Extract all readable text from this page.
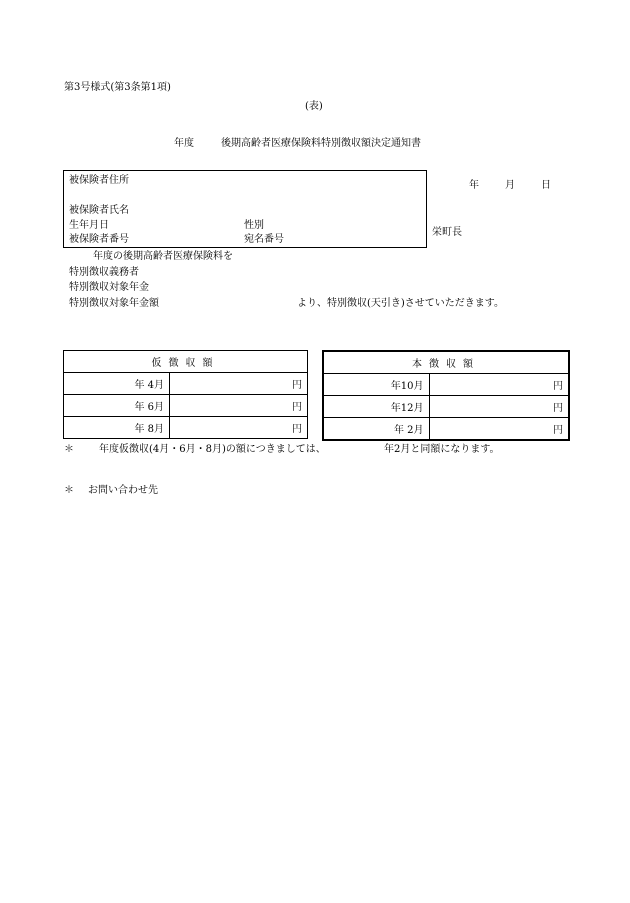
第3号様式(第3条第1項)
(表)
年度	後期高齢者医療保険料特別徴収額決定通知書
被保険者住所
被保険者氏名
生年月日	性別
被保険者番号	宛名番号
年	月	日
栄町長
年度の後期高齢者医療保険料を
特別徴収義務者
特別徴収対象年金
特別徴収対象年金額	より、特別徴収(天引き)させていただきます。
仮徴収額	
年 4月	円
年 6月	円
年 8月	円
本徴収額	
年10月	円
年12月	円
年 2月	円
＊	年度仮徴収(4月・6月・8月)の額につきましては、	年2月と同額になります。
＊ お問い合わせ先
